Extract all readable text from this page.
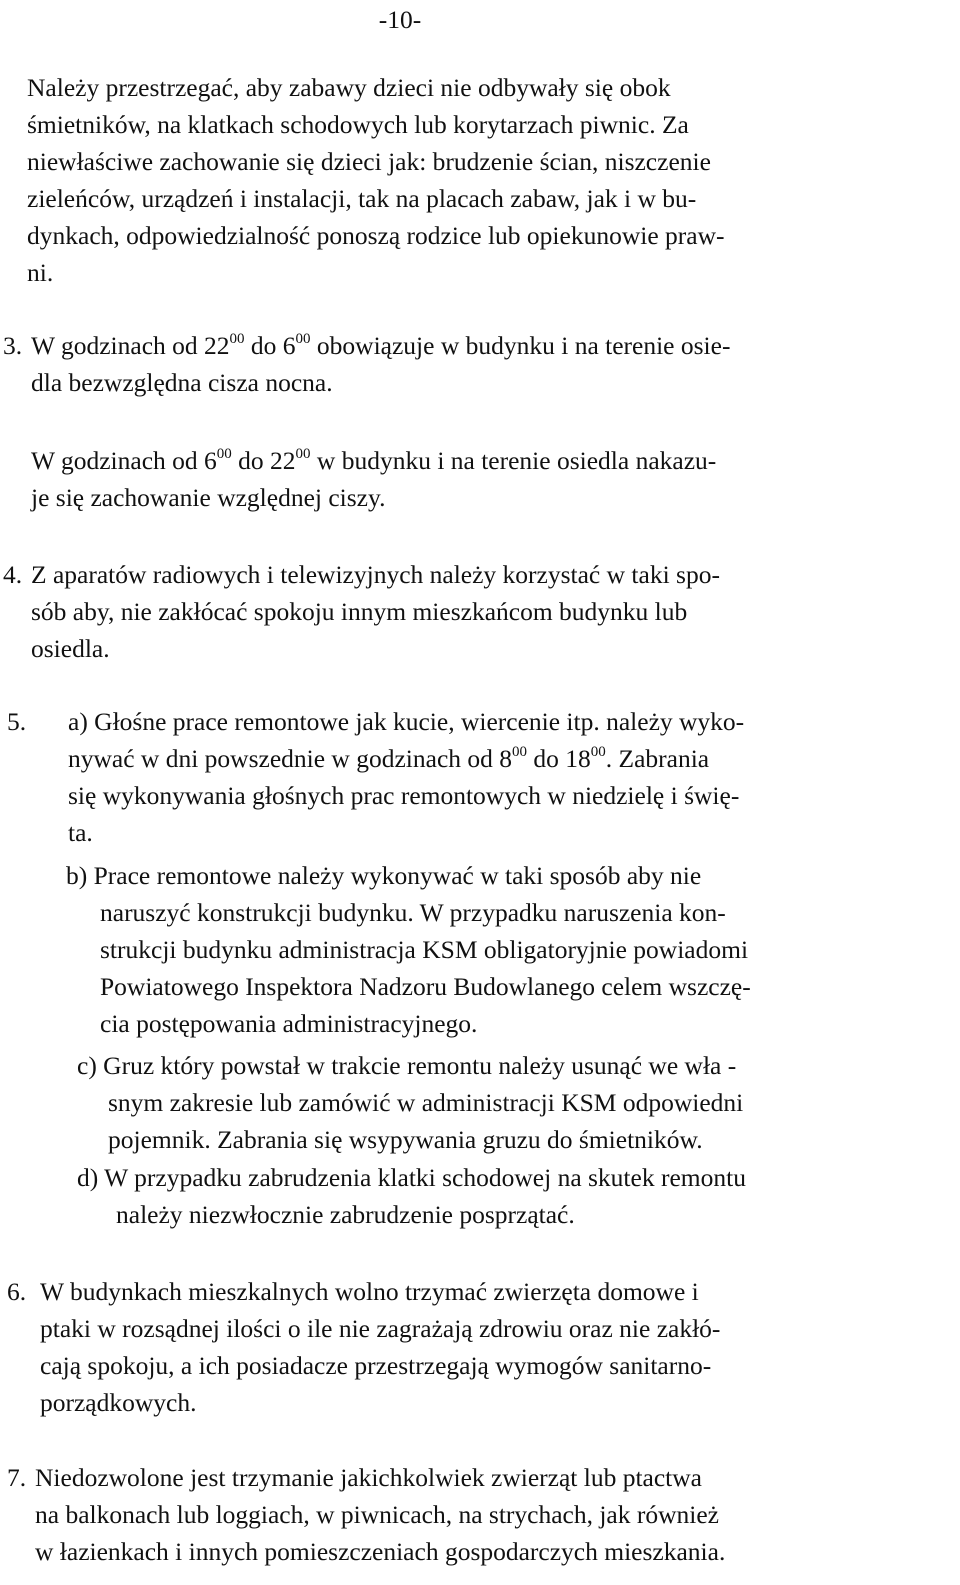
-10-
Należy przestrzegać, aby zabawy dzieci nie odbywały się obok
śmietników, na klatkach schodowych lub korytarzach piwnic. Za
niewłaściwe zachowanie się dzieci jak: brudzenie ścian, niszczenie
zieleńców, urządzeń i instalacji, tak na placach zabaw, jak i w bu-
dynkach, odpowiedzialność ponoszą rodzice lub opiekunowie praw-
ni.
3. W godzinach od $22^{00}$ do $6^{00}$ obowiązuje w budynku i na terenie osie-
dla bezwzględna cisza nocna.
W godzinach od $6^{00}$ do $22^{00}$ w budynku i na terenie osiedla nakazu-
je się zachowanie względnej ciszy.
4. Z aparatów radiowych i telewizyjnych należy korzystać w taki spo-
sób aby, nie zakłócać spokoju innym mieszkańcom budynku lub
osiedla.
5. a) Głośne prace remontowe jak kucie, wiercenie itp. należy wyko-
nywać w dni powszednie w godzinach od $8^{00}$ do $18^{00}$. Zabrania
się wykonywania głośnych prac remontowych w niedzielę i świę-
ta.
b) Prace remontowe należy wykonywać w taki sposób aby nie
naruszyć konstrukcji budynku. W przypadku naruszenia kon-
strukcji budynku administracja KSM obligatoryjnie powiadomi
Powiatowego Inspektora Nadzoru Budowlanego celem wszczę-
cia postępowania administracyjnego.
c) Gruz który powstał w trakcie remontu należy usunąć we wła -
snym zakresie lub zamówić w administracji KSM odpowiedni
pojemnik. Zabrania się wsypywania gruzu do śmietników.
d) W przypadku zabrudzenia klatki schodowej na skutek remontu
należy niezwłocznie zabrudzenie posprzątać.
6. W budynkach mieszkalnych wolno trzymać zwierzęta domowe i
ptaki w rozsądnej ilości o ile nie zagrażają zdrowiu oraz nie zakłó-
cają spokoju, a ich posiadacze przestrzegają wymogów sanitarno-
porządkowych.
7. Niedozwolone jest trzymanie jakichkolwiek zwierząt lub ptactwa
na balkonach lub loggiach, w piwnicach, na strychach, jak również
w łazienkach i innych pomieszczeniach gospodarczych mieszkania.
